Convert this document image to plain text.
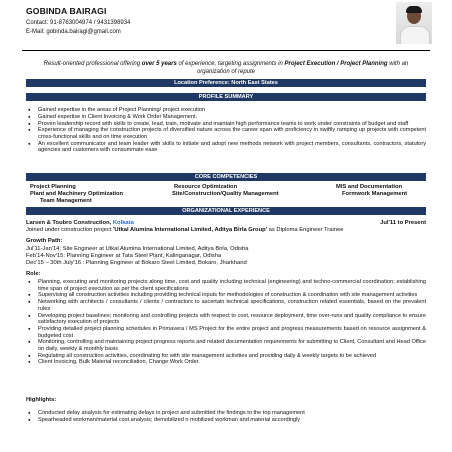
GOBINDA BAIRAGI
Contact: 91-8763004974 / 9431398934
E-Mail: gobinda.bairagi@gmail.com
Result-oriented professional offering over 5 years of experience, targeting assignments in Project Execution / Project Planning with an organization of repute
Location Preference: North East States
PROFILE SUMMARY
● Gained expertise in the areas of Project Planning/ project execution
● Gained expertise in Client Invoicing & Work Order Management.
● Proven leadership record with skills to create, lead, train, motivate and maintain high performance teams to work under constraints of budget and staff
● Experience of managing the construction projects of diversified nature across the career span with proficiency in swiftly ramping up projects with competent cross-functional skills and on time execution
● An excellent communicator and team leader with skills to initiate and adopt new methods network with project members, consultants, contractors, statutory agencies and customers with consummate ease
CORE COMPETENCIES
Project Planning	Resource Optimization	MIS and Documentation
Plant and Machinery Optimization	Site/Construction/Quality Management	Formwork Management
Team Management
ORGANIZATIONAL EXPERIENCE
Larsen & Toubro Construction, Kolkata	Jul'11 to Present
Joined under construction project 'Utkal Alumina International Limited, Aditya Birla Group' as Diploma Engineer Trainee
Growth Path:
Jul'11-Jan'14: Site Engineer at Utkal Alumina International Limited, Aditya Birla, Odisha
Feb'14-Nov'15: Planning Engineer at Tata Steel Plant, Kalinganagar, Odisha
Dec'15 – 30th July'16 : Planning Engineer at Bokaro Steel Limited, Bokaro, Jharkhand
Role:
● Planning, executing and monitoring projects along time, cost and quality including technical (engineering) and techno-commercial coordination; establishing time span of project execution as per the client specifications
● Supervising all construction activities including providing technical inputs for methodologies of construction & coordination with site management activities
● Networking with architects / consultants / clients / contractors to ascertain technical specifications, construction related essentials, based on the prevalent rules
● Developing project baselines; monitoring and controlling projects with respect to cost, resource deployment, time over-runs and quality compliance to ensure satisfactory execution of projects
● Providing detailed project planning schedules in Primavera / MS Project for the entire project and progress measurements based on resource assignment & budgeted cost
● Monitoring, controlling and maintaining project progress reports and related documentation requirements for submitting to Client, Consultant and Head Office on daily, weekly & monthly basis
● Regulating all construction activities, coordinating for with site management activities and providing daily & weekly targets to be achieved
● Client Invoicing, Bulk Material reconciliation, Change Work Order.
Highlights:
● Conducted delay analysis for estimating delays in project and submitted the findings to the top management
● Spearheaded workman/material cost analysis; demobilized n mobilized workman and material accordingly
